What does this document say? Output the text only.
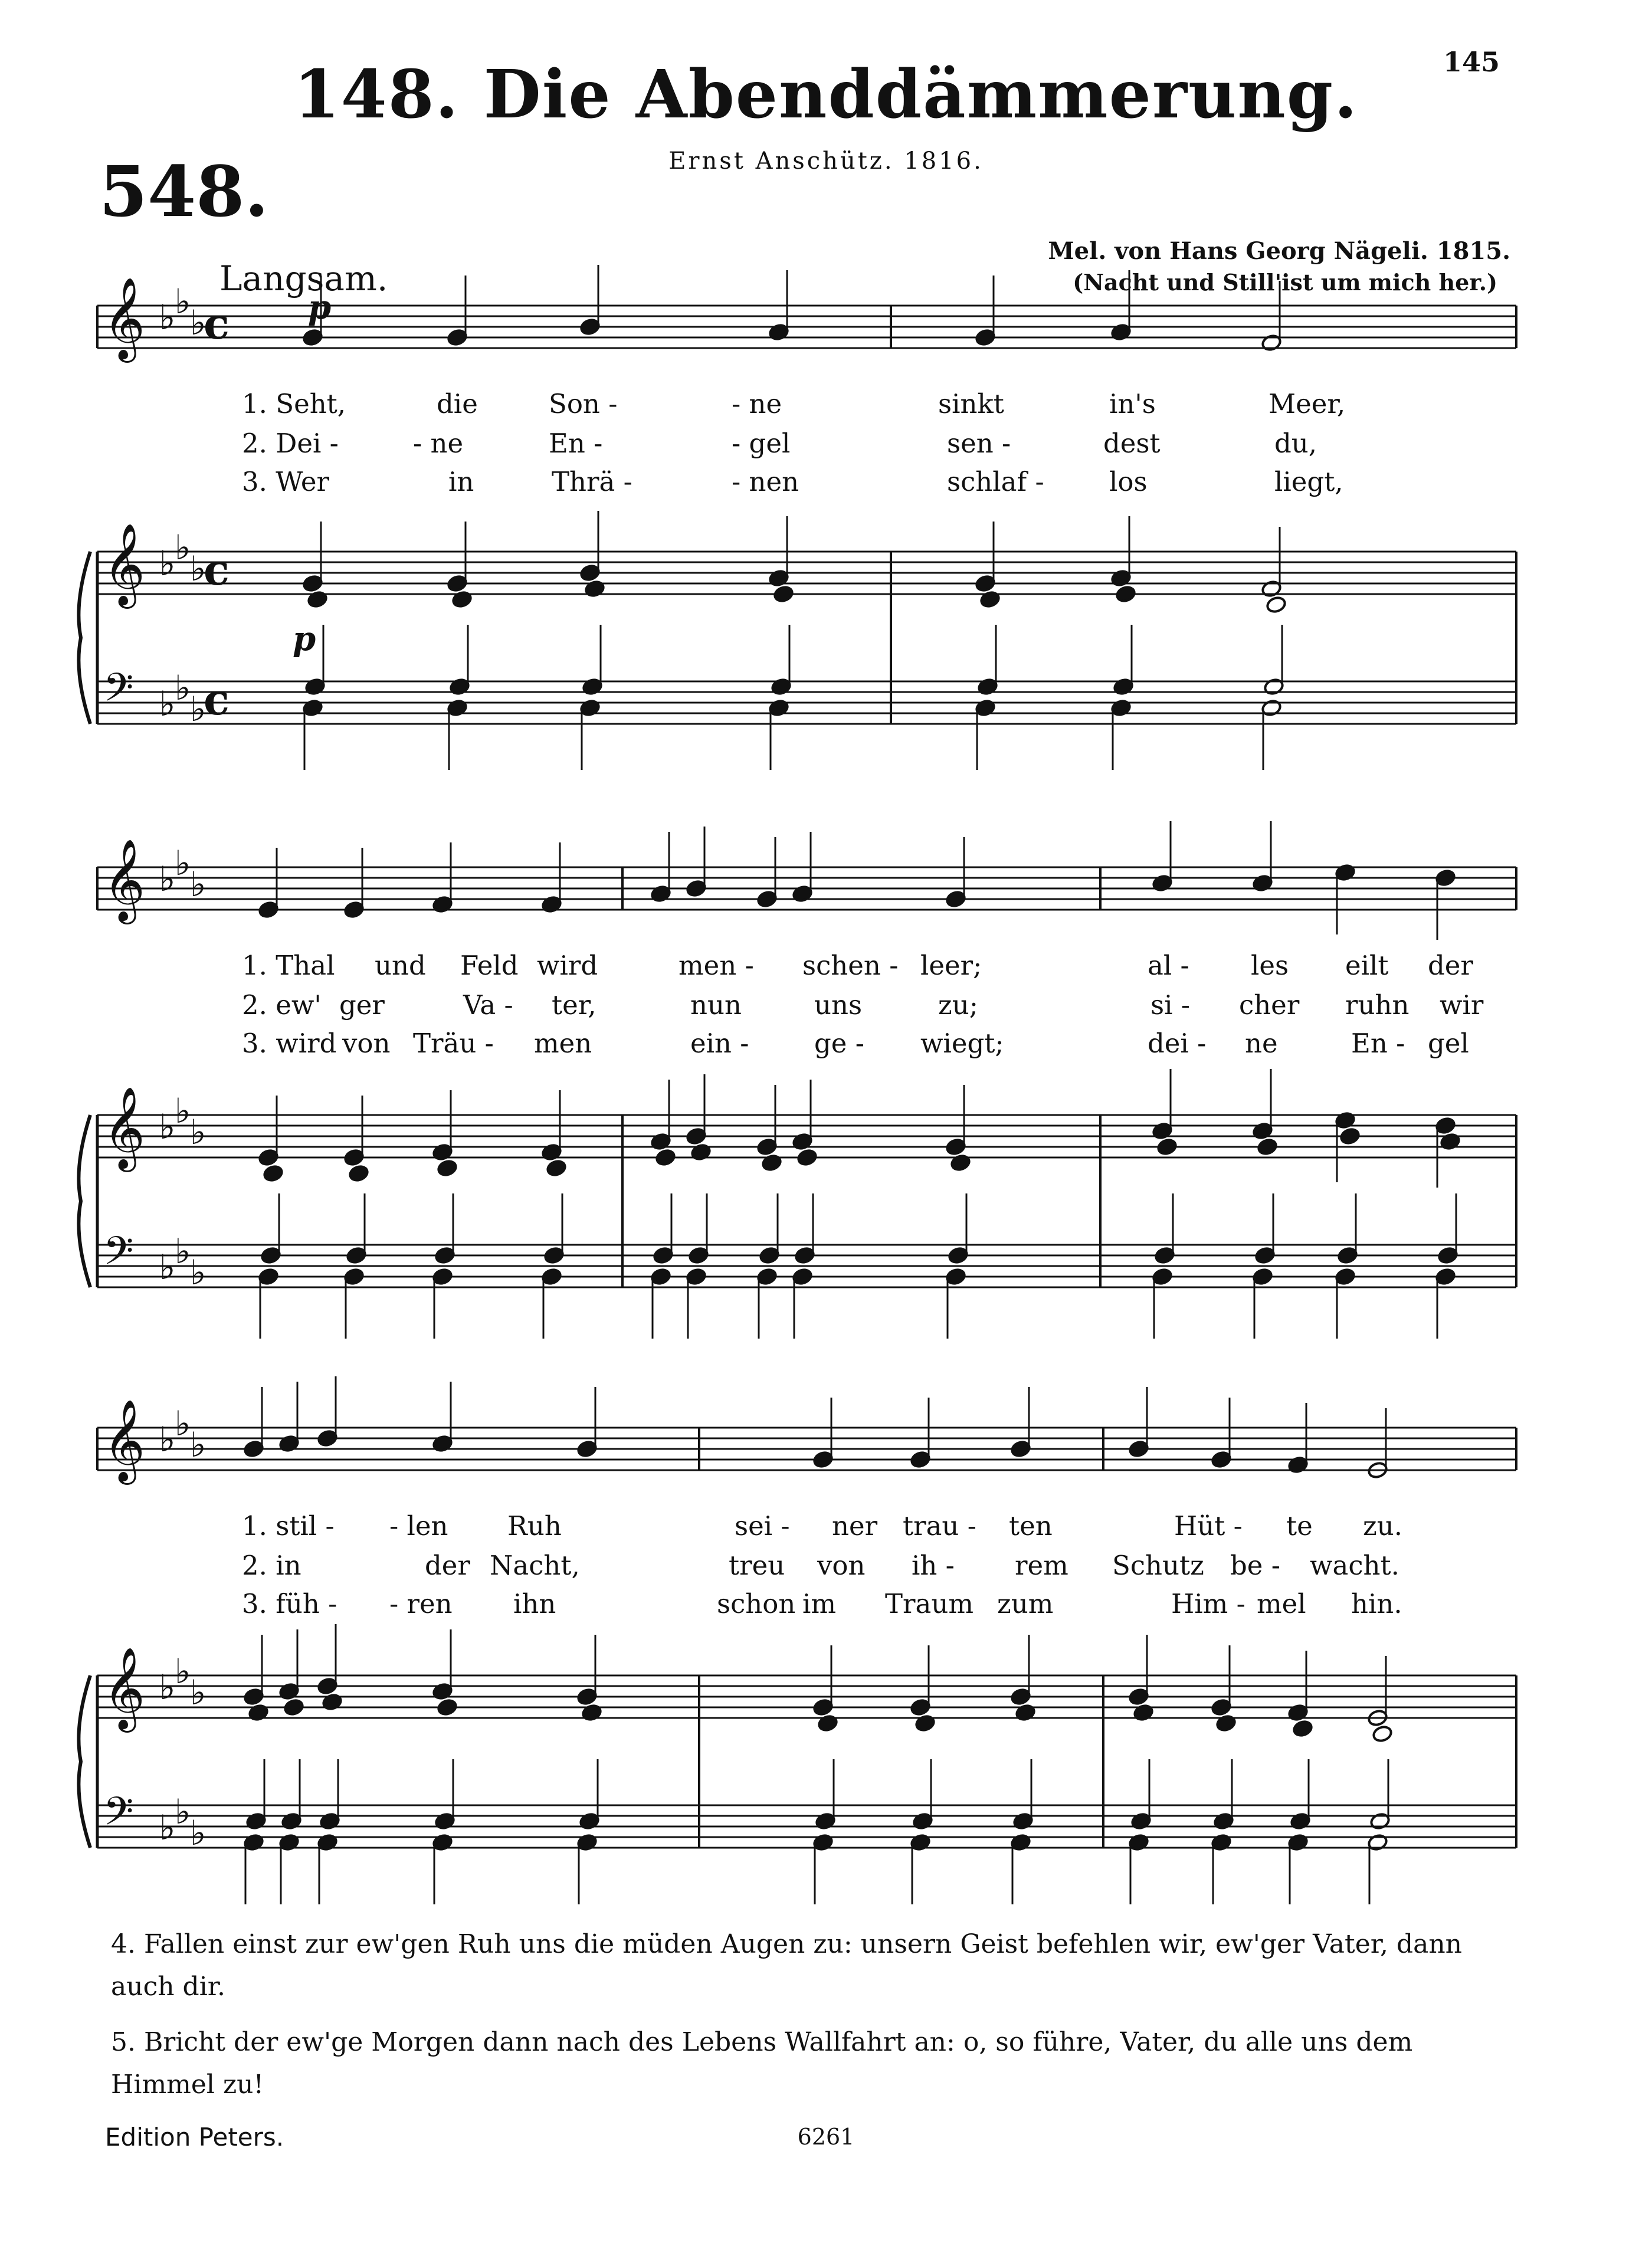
145
148. Die Abenddämmerung.
Ernst Anschütz. 1816.
548.
Mel. von Hans Georg Nägeli. 1815.
(Nacht und Still'ist um mich her.)
Langsam.
𝄞 ♭
♭
♭
𝄞 ♭
♭
♭
𝄢 ♭
♭
♭
c
c
c
𝄞 ♭
♭
♭
𝄞 ♭
♭
♭
𝄢 ♭
♭
♭
𝄞 ♭
♭
♭
𝄞 ♭
♭
♭
𝄢 ♭
♭
♭
p
p
1. Seht,	die	Son -	- ne	sinkt	in's	Meer,
2. Dei -	- ne	En -	- gel	sen -	dest	du,
3. Wer	in	Thrä -	- nen	schlaf - los	liegt,
1. Thal und Feld wird	men - schen - leer;	al - les eilt der
2. ew' ger	Va - ter,	nun	uns	zu;	si - cher ruhn wir
3. wird von Träu - men	ein - ge - wiegt;	dei - ne	En - gel
1. stil - - len Ruh	sei - ner trau - ten	Hüt - te zu.
2. in	der Nacht,	treu von ih - rem Schutz be - wacht.
3. füh - - ren ihn	schon im Traum zum	Him - mel hin.

4. Fallen einst zur ew'gen Ruh uns die müden Augen zu: unsern Geist befehlen wir, ew'ger Vater, dann auch dir.

5. Bricht der ew'ge Morgen dann nach des Lebens Wallfahrt an: o, so führe, Vater, du alle uns dem Himmel zu!

Edition Peters.	6261
